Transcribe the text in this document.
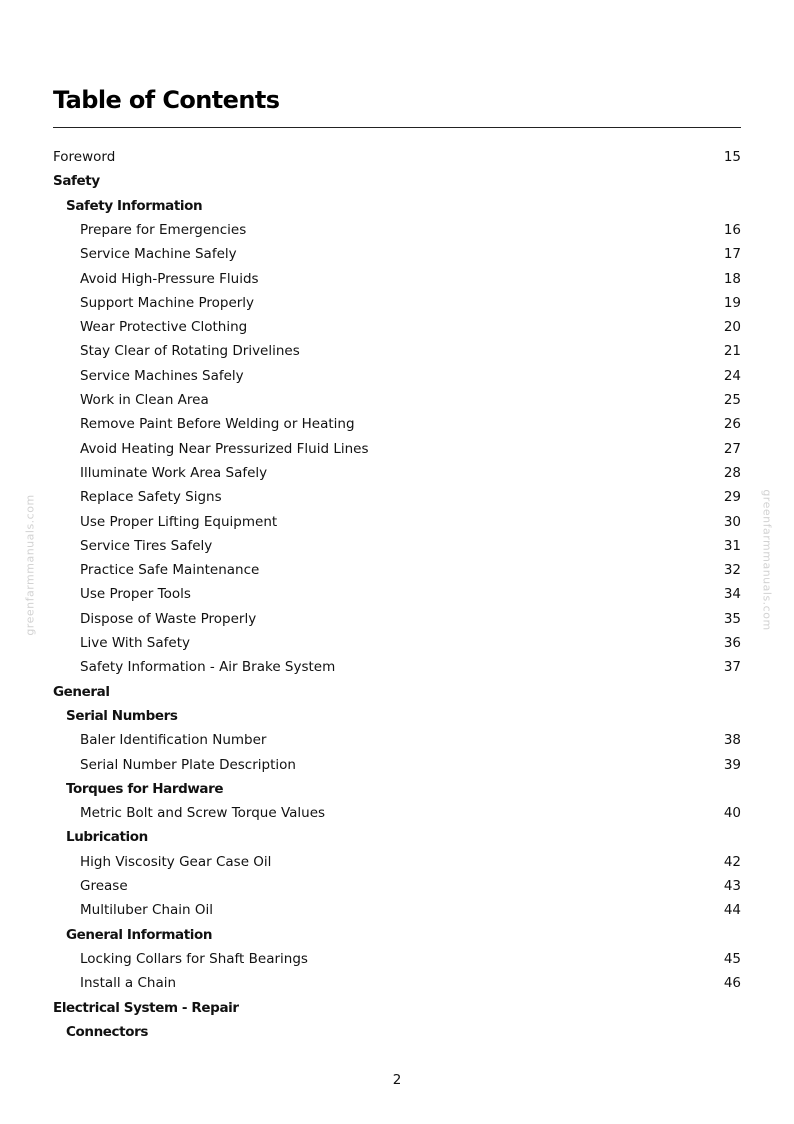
Table of Contents
Foreword	15
Safety
Safety Information
Prepare for Emergencies	16
Service Machine Safely	17
Avoid High-Pressure Fluids	18
Support Machine Properly	19
Wear Protective Clothing	20
Stay Clear of Rotating Drivelines	21
Service Machines Safely	24
Work in Clean Area	25
Remove Paint Before Welding or Heating	26
Avoid Heating Near Pressurized Fluid Lines	27
Illuminate Work Area Safely	28
Replace Safety Signs	29
Use Proper Lifting Equipment	30
Service Tires Safely	31
Practice Safe Maintenance	32
Use Proper Tools	34
Dispose of Waste Properly	35
Live With Safety	36
Safety Information - Air Brake System	37
General
Serial Numbers
Baler Identification Number	38
Serial Number Plate Description	39
Torques for Hardware
Metric Bolt and Screw Torque Values	40
Lubrication
High Viscosity Gear Case Oil	42
Grease	43
Multiluber Chain Oil	44
General Information
Locking Collars for Shaft Bearings	45
Install a Chain	46
Electrical System - Repair
Connectors
greenfarmmanuals.com	greenfarmmanuals.com
2
